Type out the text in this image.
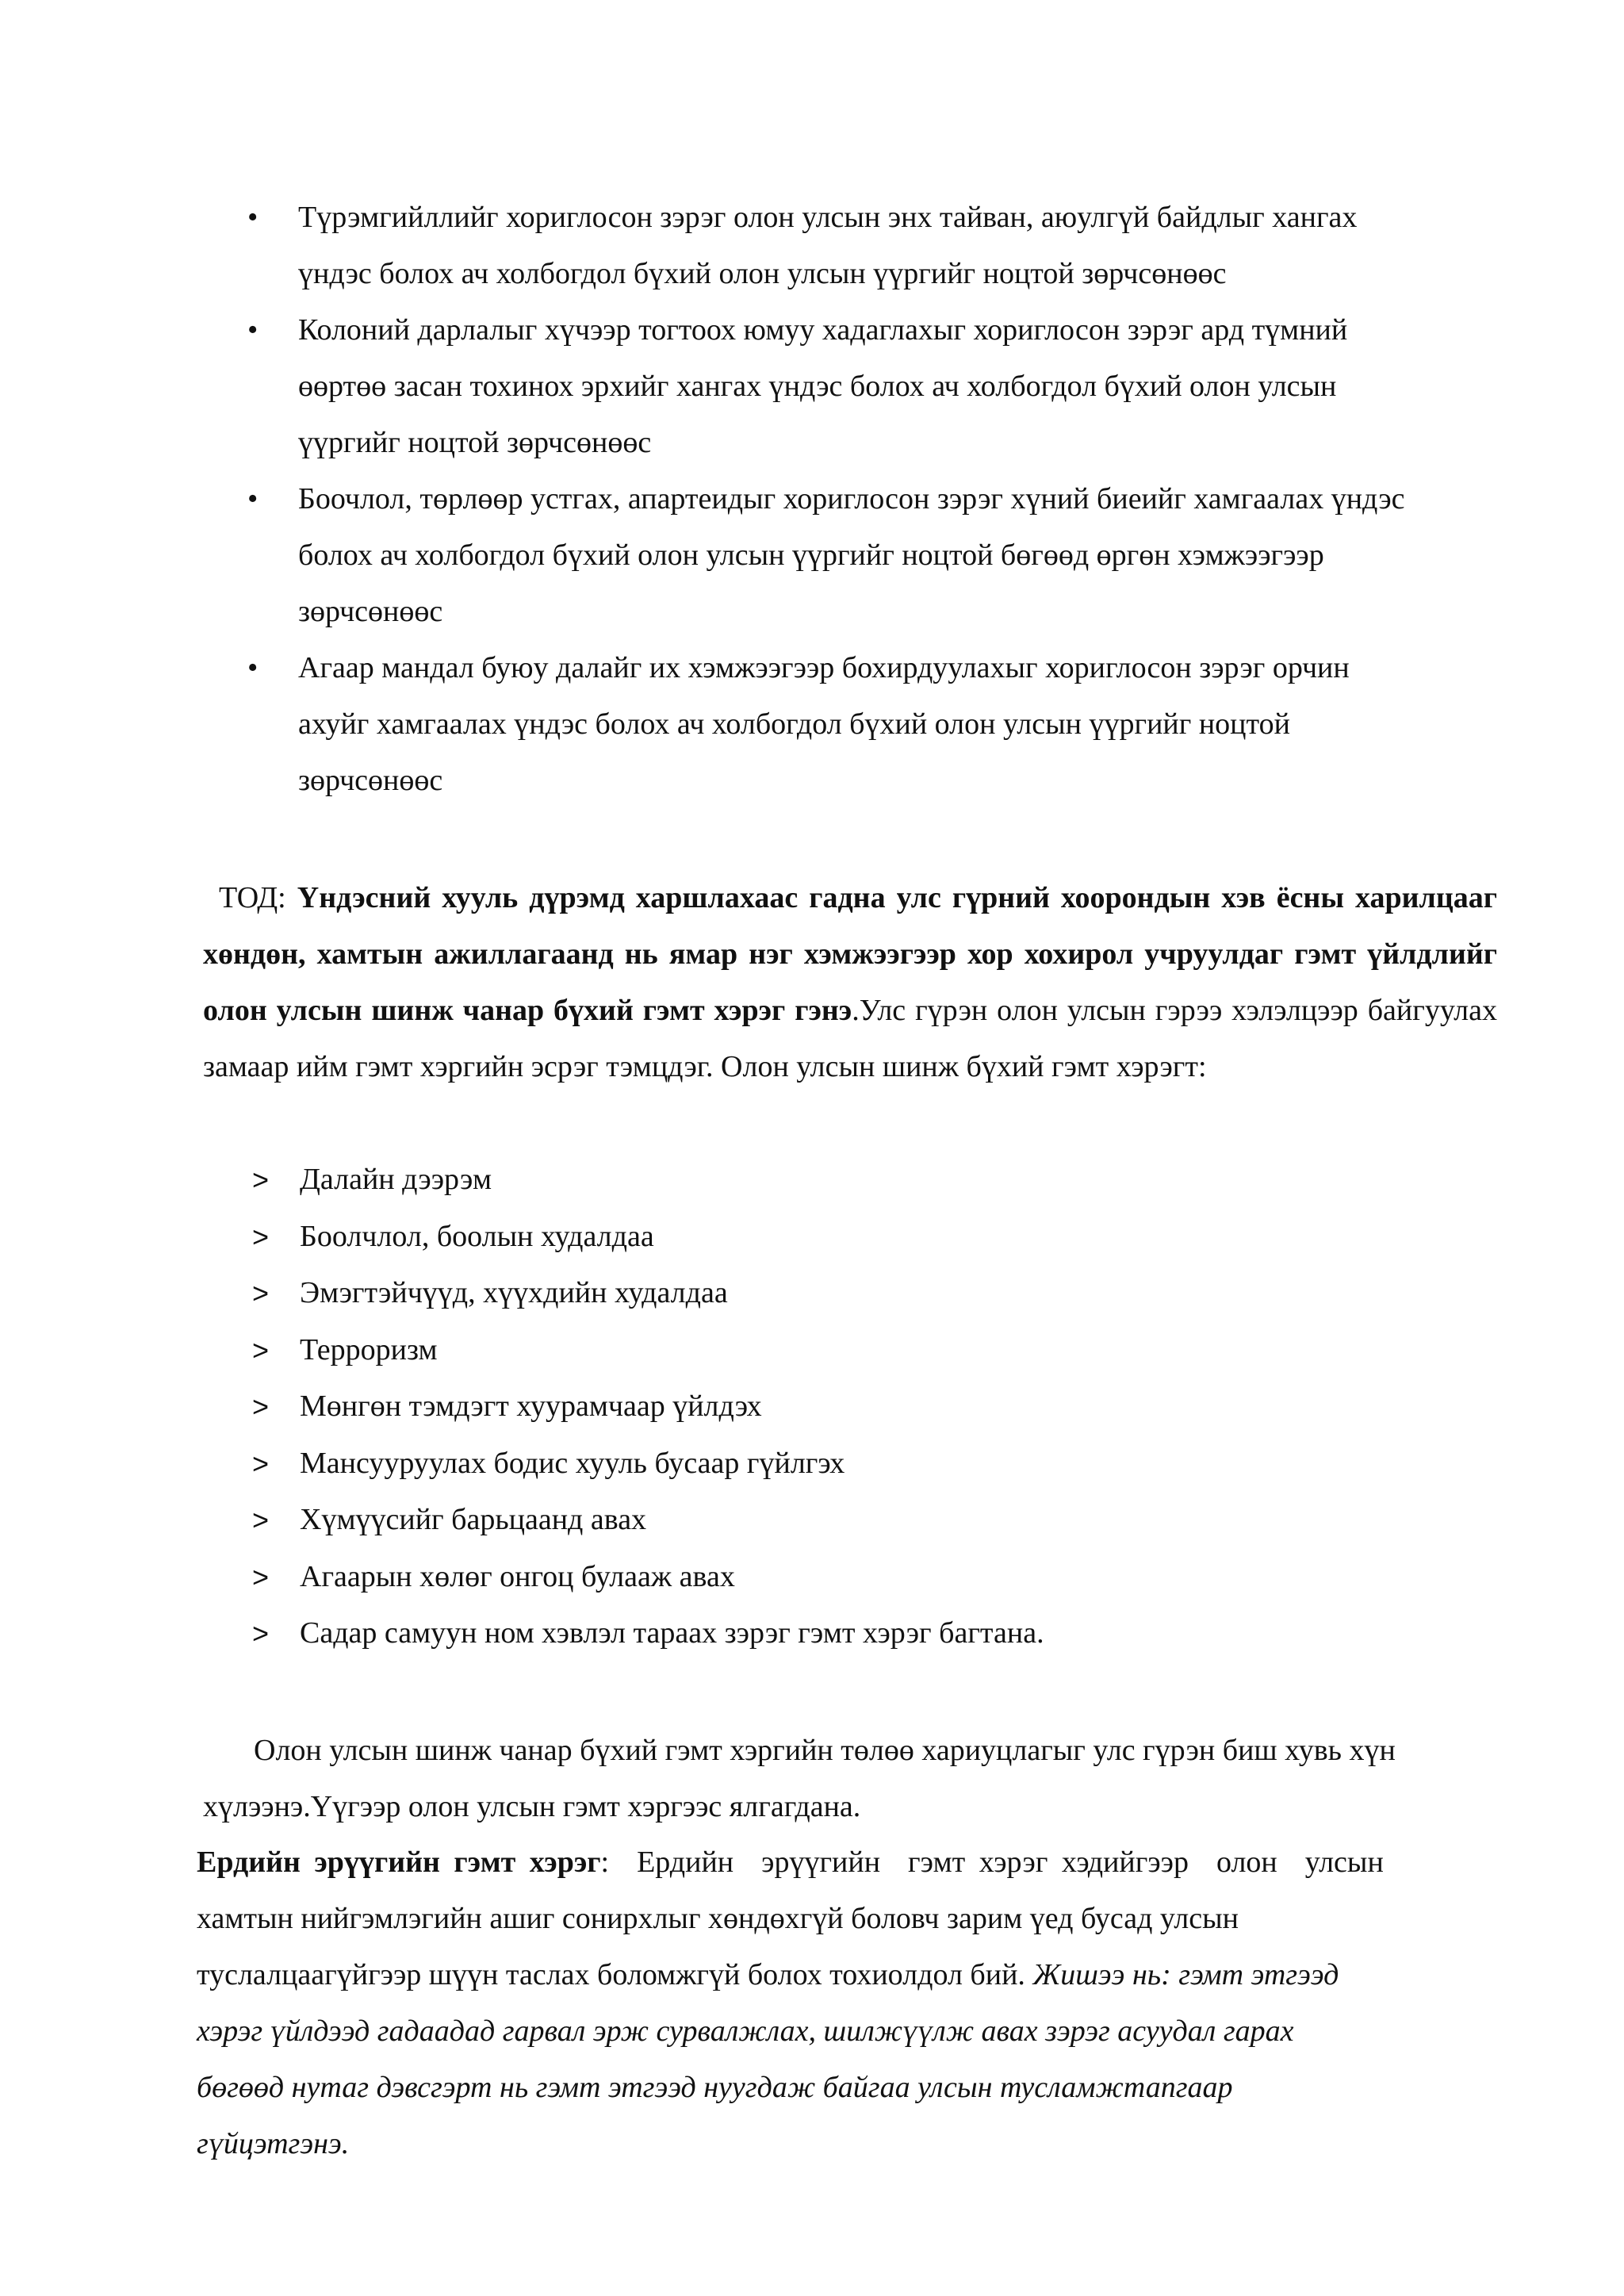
• Түрэмгийллийг хориглосон зэрэг олон улсын энх тайван, аюулгүй байдлыг хангах
үндэс болох ач холбогдол бүхий олон улсын үүргийг ноцтой зөрчсөнөөс
• Колоний дарлалыг хүчээр тогтоох юмуу хадаглахыг хориглосон зэрэг ард түмний
өөртөө засан тохинох эрхийг хангах үндэс болох ач холбогдол бүхий олон улсын
үүргийг ноцтой зөрчсөнөөс
• Боочлол, төрлөөр устгах, апартеидыг хориглосон зэрэг хүний биеийг хамгаалах үндэс
болох ач холбогдол бүхий олон улсын үүргийг ноцтой бөгөөд өргөн хэмжээгээр
зөрчсөнөөс
• Агаар мандал буюу далайг их хэмжээгээр бохирдуулахыг хориглосон зэрэг орчин
ахуйг хамгаалах үндэс болох ач холбогдол бүхий олон улсын үүргийг ноцтой
зөрчсөнөөс
ТОД: Үндэсний хууль дүрэмд харшлахаас гадна улс гүрний хоорондын хэв ёсны харилцааг хөндөн, хамтын ажиллагаанд нь ямар нэг хэмжээгээр хор хохирол учруулдаг гэмт үйлдлийг олон улсын шинж чанар бүхий гэмт хэрэг гэнэ.Улс гүрэн олон улсын гэрээ хэлэлцээр байгуулах замаар ийм гэмт хэргийн эсрэг тэмцдэг. Олон улсын шинж бүхий гэмт хэрэгт:
> Далайн дээрэм
> Боолчлол, боолын худалдаа
> Эмэгтэйчүүд, хүүхдийн худалдаа
> Терроризм
> Мөнгөн тэмдэгт хуурамчаар үйлдэх
> Мансууруулах бодис хууль бусаар гүйлгэх
> Хүмүүсийг барьцаанд авах
> Агаарын хөлөг онгоц булааж авах
> Садар самуун ном хэвлэл тараах зэрэг гэмт хэрэг багтана.
Олон улсын шинж чанар бүхий гэмт хэргийн төлөө хариуцлагыг улс гүрэн биш хувь хүн
хүлээнэ.Үүгээр олон улсын гэмт хэргээс ялгагдана.
Ердийн эрүүгийн гэмт хэрэг:  Ердийн  эрүүгийн  гэмт хэрэг хэдийгээр  олон  улсын
хамтын нийгэмлэгийн ашиг сонирхлыг хөндөхгүй боловч зарим үед бусад улсын
туслалцаагүйгээр шүүн таслах боломжгүй болох тохиолдол бий. Жишээ нь: гэмт этгээд
хэрэг үйлдээд гадаадад гарвал эрж сурвалжлах, шилжүүлж авах зэрэг асуудал гарах
бөгөөд нутаг дэвсгэрт нь гэмт этгээд нуугдаж байгаа улсын тусламжтапгаар
гүйцэтгэнэ.
